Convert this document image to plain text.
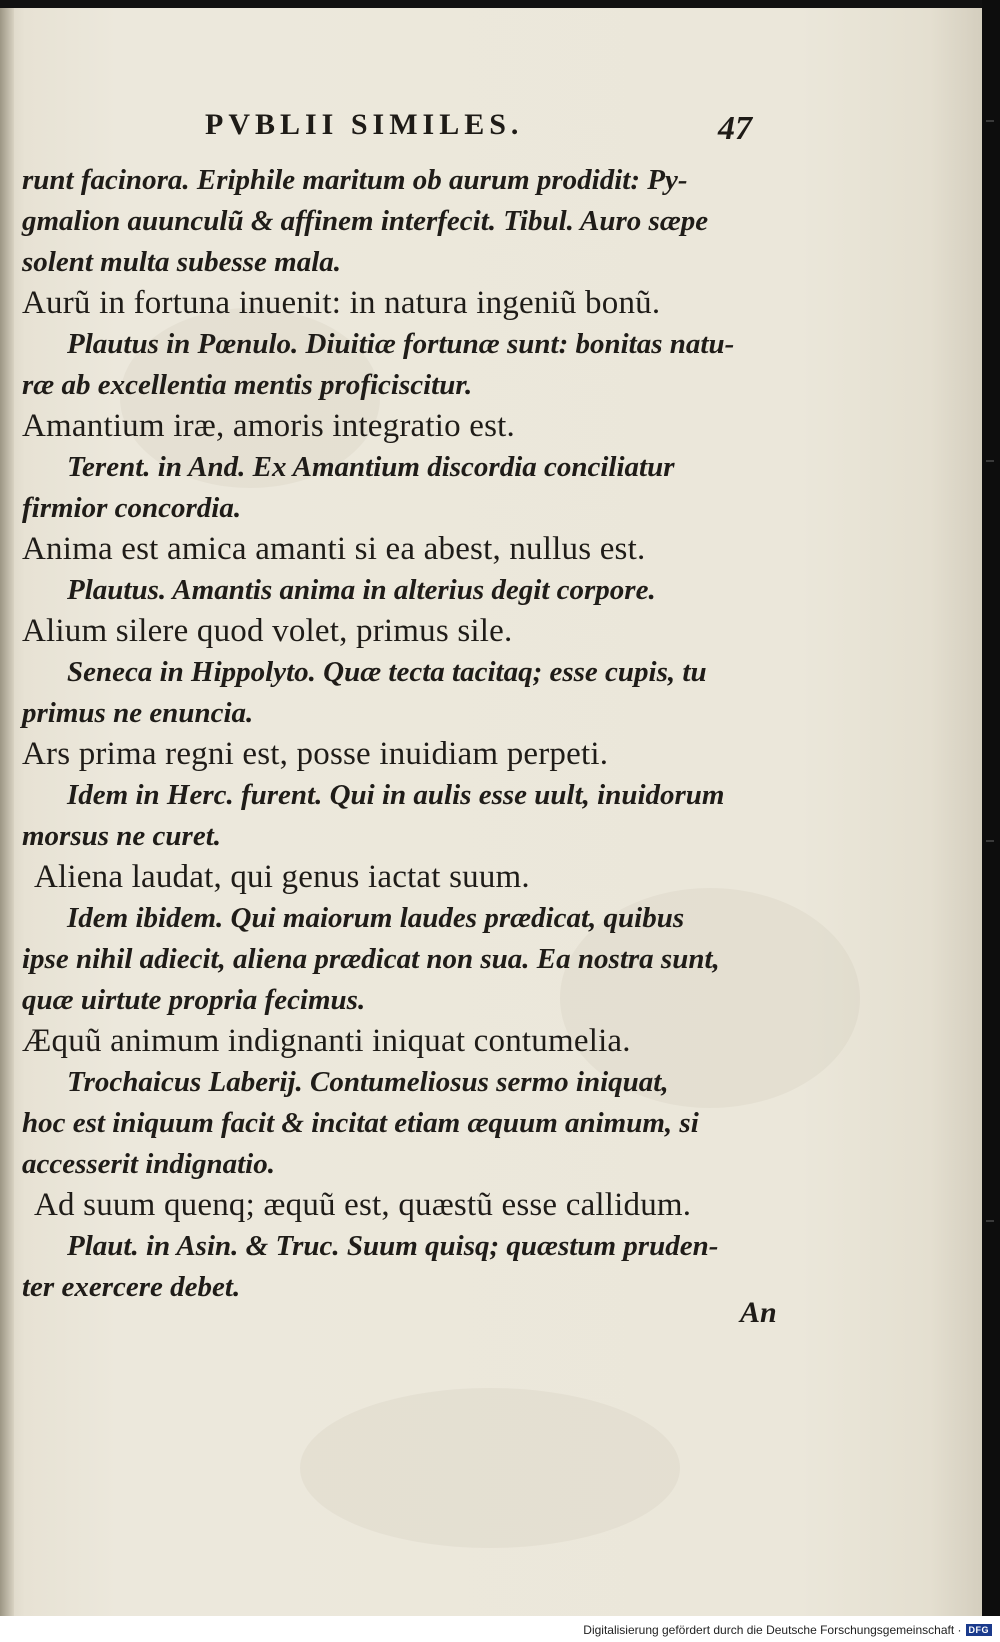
PVBLII SIMILES.	47
runt facinora. Eriphile maritum ob aurum prodidit: Py-
gmalion auunculũ & affinem interfecit. Tibul. Auro sæpe
solent multa subesse mala.
Aurũ in fortuna inuenit: in natura ingeniũ bonũ.
Plautus in Pœnulo. Diuitiæ fortunæ sunt: bonitas natu-
ræ ab excellentia mentis proficiscitur.
Amantium iræ, amoris integratio est.
Terent. in And. Ex Amantium discordia conciliatur
firmior concordia.
Anima est amica amanti si ea abest, nullus est.
Plautus. Amantis anima in alterius degit corpore.
Alium silere quod volet, primus sile.
Seneca in Hippolyto. Quæ tecta tacitaq; esse cupis, tu
primus ne enuncia.
Ars prima regni est, posse inuidiam perpeti.
Idem in Herc. furent. Qui in aulis esse uult, inuidorum
morsus ne curet.
Aliena laudat, qui genus iactat suum.
Idem ibidem. Qui maiorum laudes prædicat, quibus
ipse nihil adiecit, aliena prædicat non sua. Ea nostra sunt,
quæ uirtute propria fecimus.
Æquũ animum indignanti iniquat contumelia.
Trochaicus Laberij. Contumeliosus sermo iniquat,
hoc est iniquum facit & incitat etiam æquum animum, si
accesserit indignatio.
Ad suum quenq; æquũ est, quæstũ esse callidum.
Plaut. in Asin. & Truc. Suum quisq; quæstum pruden-
ter exercere debet.
An
Digitalisierung gefördert durch die Deutsche Forschungsgemeinschaft · DFG
